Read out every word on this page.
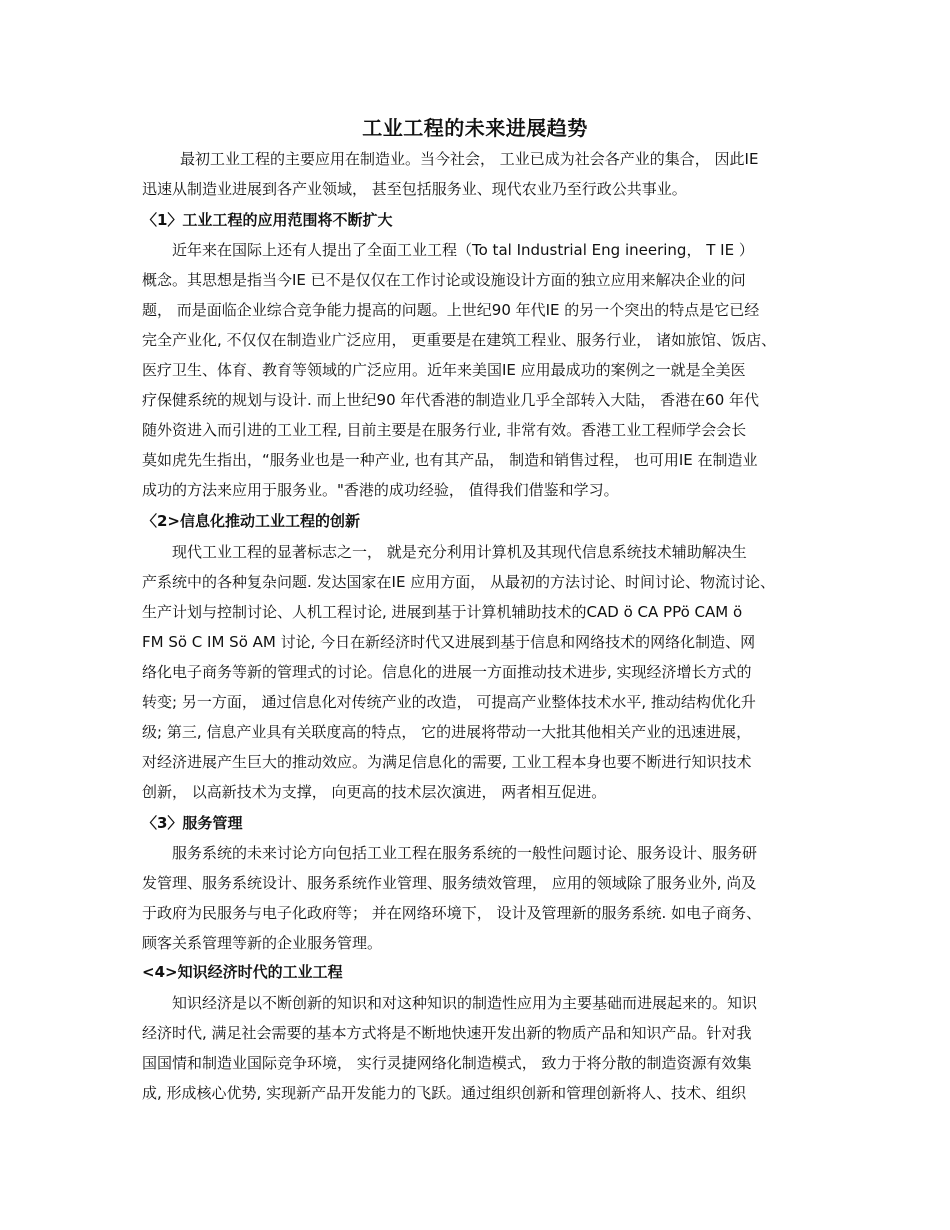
工业工程的未来进展趋势
最初工业工程的主要应用在制造业。当今社会， 工业已成为社会各产业的集合， 因此IE
迅速从制造业进展到各产业领域， 甚至包括服务业、现代农业乃至行政公共事业。
〈1〉工业工程的应用范围将不断扩大
近年来在国际上还有人提出了全面工业工程（To tal Industrial Eng ineering， T IE ）
概念。其思想是指当今IE 已不是仅仅在工作讨论或设施设计方面的独立应用来解决企业的问
题， 而是面临企业综合竞争能力提高的问题。上世纪90 年代IE 的另一个突出的特点是它已经
完全产业化, 不仅仅在制造业广泛应用， 更重要是在建筑工程业、服务行业， 诸如旅馆、饭店、
医疗卫生、体育、教育等领域的广泛应用。近年来美国IE 应用最成功的案例之一就是全美医
疗保健系统的规划与设计. 而上世纪90 年代香港的制造业几乎全部转入大陆， 香港在60 年代
随外资进入而引进的工业工程, 目前主要是在服务行业, 非常有效。香港工业工程师学会会长
莫如虎先生指出，“服务业也是一种产业, 也有其产品， 制造和销售过程， 也可用IE 在制造业
成功的方法来应用于服务业。"香港的成功经验， 值得我们借鉴和学习。
〈2>信息化推动工业工程的创新
现代工业工程的显著标志之一， 就是充分利用计算机及其现代信息系统技术辅助解决生
产系统中的各种复杂问题. 发达国家在IE 应用方面， 从最初的方法讨论、时间讨论、物流讨论、
生产计划与控制讨论、人机工程讨论, 进展到基于计算机辅助技术的CAD ö CA PPö CAM ö
FM Sö C IM Sö AM 讨论, 今日在新经济时代又进展到基于信息和网络技术的网络化制造、网
络化电子商务等新的管理式的讨论。信息化的进展一方面推动技术进步, 实现经济增长方式的
转变; 另一方面， 通过信息化对传统产业的改造， 可提高产业整体技术水平, 推动结构优化升
级; 第三, 信息产业具有关联度高的特点， 它的进展将带动一大批其他相关产业的迅速进展，
对经济进展产生巨大的推动效应。为满足信息化的需要, 工业工程本身也要不断进行知识技术
创新， 以高新技术为支撑， 向更高的技术层次演进， 两者相互促进。
〈3〉服务管理
服务系统的未来讨论方向包括工业工程在服务系统的一般性问题讨论、服务设计、服务研
发管理、服务系统设计、服务系统作业管理、服务绩效管理， 应用的领域除了服务业外, 尚及
于政府为民服务与电子化政府等； 并在网络环境下， 设计及管理新的服务系统. 如电子商务、
顾客关系管理等新的企业服务管理。
<4>知识经济时代的工业工程
知识经济是以不断创新的知识和对这种知识的制造性应用为主要基础而进展起来的。知识
经济时代, 满足社会需要的基本方式将是不断地快速开发出新的物质产品和知识产品。针对我
国国情和制造业国际竞争环境， 实行灵捷网络化制造模式， 致力于将分散的制造资源有效集
成, 形成核心优势, 实现新产品开发能力的飞跃。通过组织创新和管理创新将人、技术、组织
